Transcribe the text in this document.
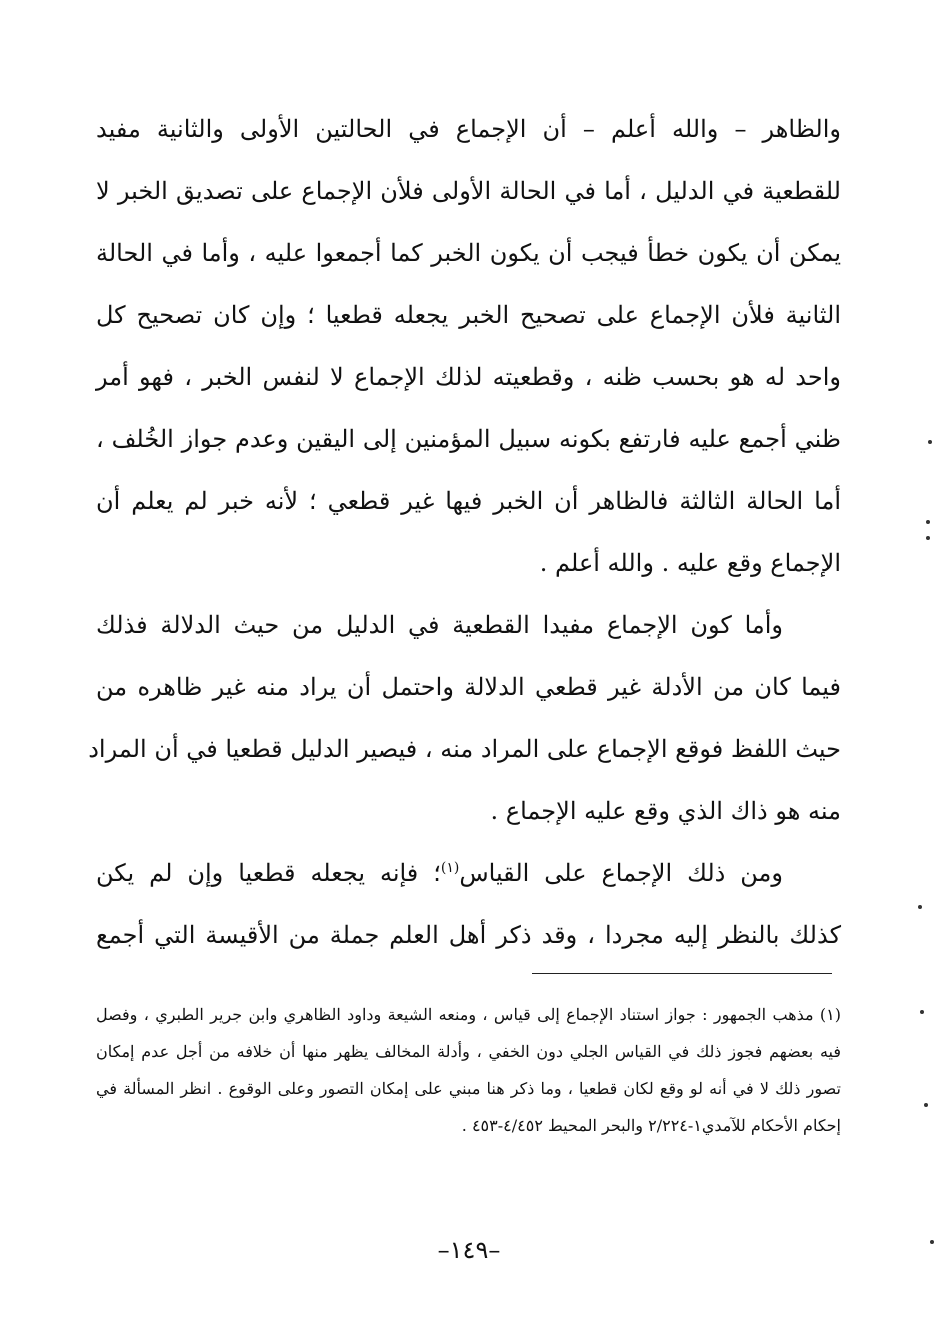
والظاهر – والله أعلم – أن الإجماع في الحالتين الأولى والثانية مفيد
للقطعية في الدليل ، أما في الحالة الأولى فلأن الإجماع على تصديق الخبر لا
يمكن أن يكون خطأ فيجب أن يكون الخبر كما أجمعوا عليه ، وأما في الحالة
الثانية فلأن الإجماع على تصحيح الخبر يجعله قطعيا ؛ وإن كان تصحيح كل
واحد له هو بحسب ظنه ، وقطعيته لذلك الإجماع لا لنفس الخبر ، فهو أمر
ظني أجمع عليه فارتفع بكونه سبيل المؤمنين إلى اليقين وعدم جواز الخُلف ،
أما الحالة الثالثة فالظاهر أن الخبر فيها غير قطعي ؛ لأنه خبر لم يعلم أن
الإجماع وقع عليه . والله أعلم .

وأما كون الإجماع مفيدا القطعية في الدليل من حيث الدلالة فذلك
فيما كان من الأدلة غير قطعي الدلالة واحتمل أن يراد منه غير ظاهره من
حيث اللفظ فوقع الإجماع على المراد منه ، فيصير الدليل قطعيا في أن المراد
منه هو ذاك الذي وقع عليه الإجماع .

ومن ذلك الإجماع على القياس$^{(١)}$؛ فإنه يجعله قطعيا وإن لم يكن
كذلك بالنظر إليه مجردا ، وقد ذكر أهل العلم جملة من الأقيسة التي أجمع

(١) مذهب الجمهور : جواز استناد الإجماع إلى قياس ، ومنعه الشيعة وداود الظاهري وابن جرير الطبري ، وفصل فيه بعضهم فجوز ذلك في القياس الجلي دون الخفي ، وأدلة المخالف يظهر منها أن خلافه من أجل عدم إمكان تصور ذلك لا في أنه لو وقع لكان قطعيا ، وما ذكر هنا مبني على إمكان التصور وعلى الوقوع . انظر المسألة في إحكام الأحكام للآمدي١-٢/٢٢٤ والبحر المحيط ٤/٤٥٢-٤٥٣ .

–١٤٩–
